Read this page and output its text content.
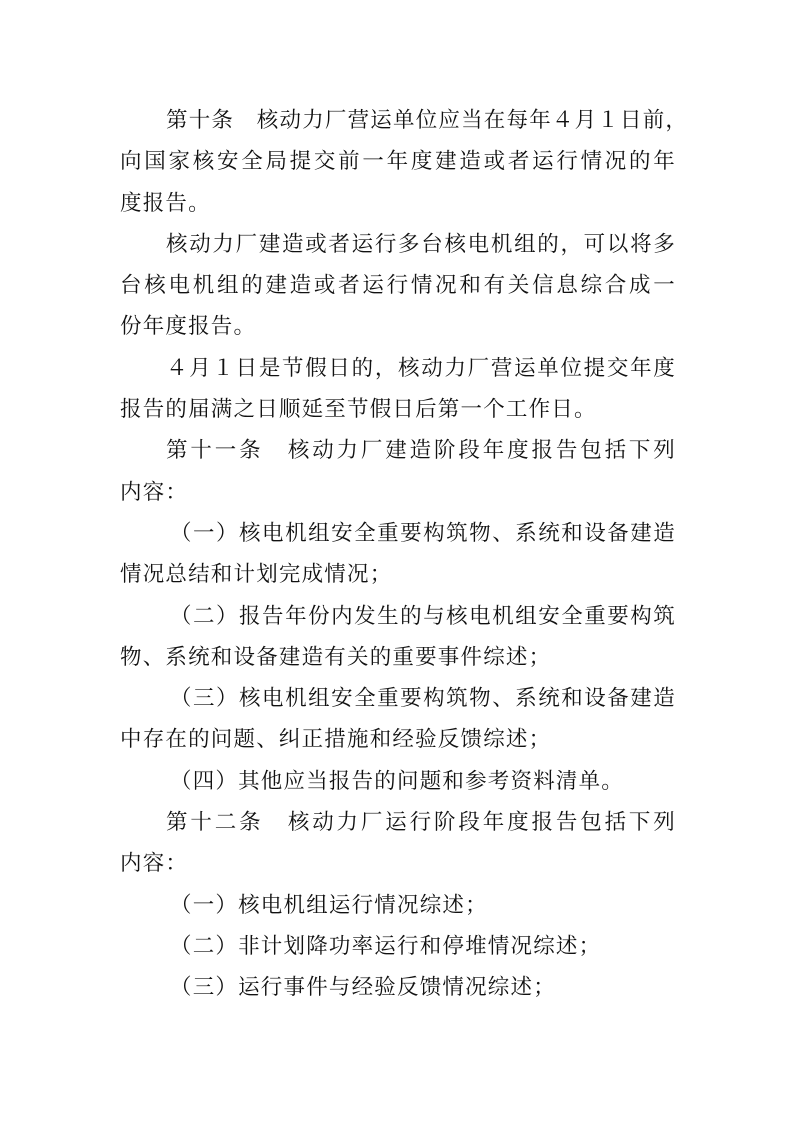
第十条　核动力厂营运单位应当在每年４月１日前，
向国家核安全局提交前一年度建造或者运行情况的年
度报告。
核动力厂建造或者运行多台核电机组的，可以将多
台核电机组的建造或者运行情况和有关信息综合成一
份年度报告。
４月１日是节假日的，核动力厂营运单位提交年度
报告的届满之日顺延至节假日后第一个工作日。
第十一条　核动力厂建造阶段年度报告包括下列
内容：
（一）核电机组安全重要构筑物、系统和设备建造
情况总结和计划完成情况；
（二）报告年份内发生的与核电机组安全重要构筑
物、系统和设备建造有关的重要事件综述；
（三）核电机组安全重要构筑物、系统和设备建造
中存在的问题、纠正措施和经验反馈综述；
（四）其他应当报告的问题和参考资料清单。
第十二条　核动力厂运行阶段年度报告包括下列
内容：
（一）核电机组运行情况综述；
（二）非计划降功率运行和停堆情况综述；
（三）运行事件与经验反馈情况综述；
